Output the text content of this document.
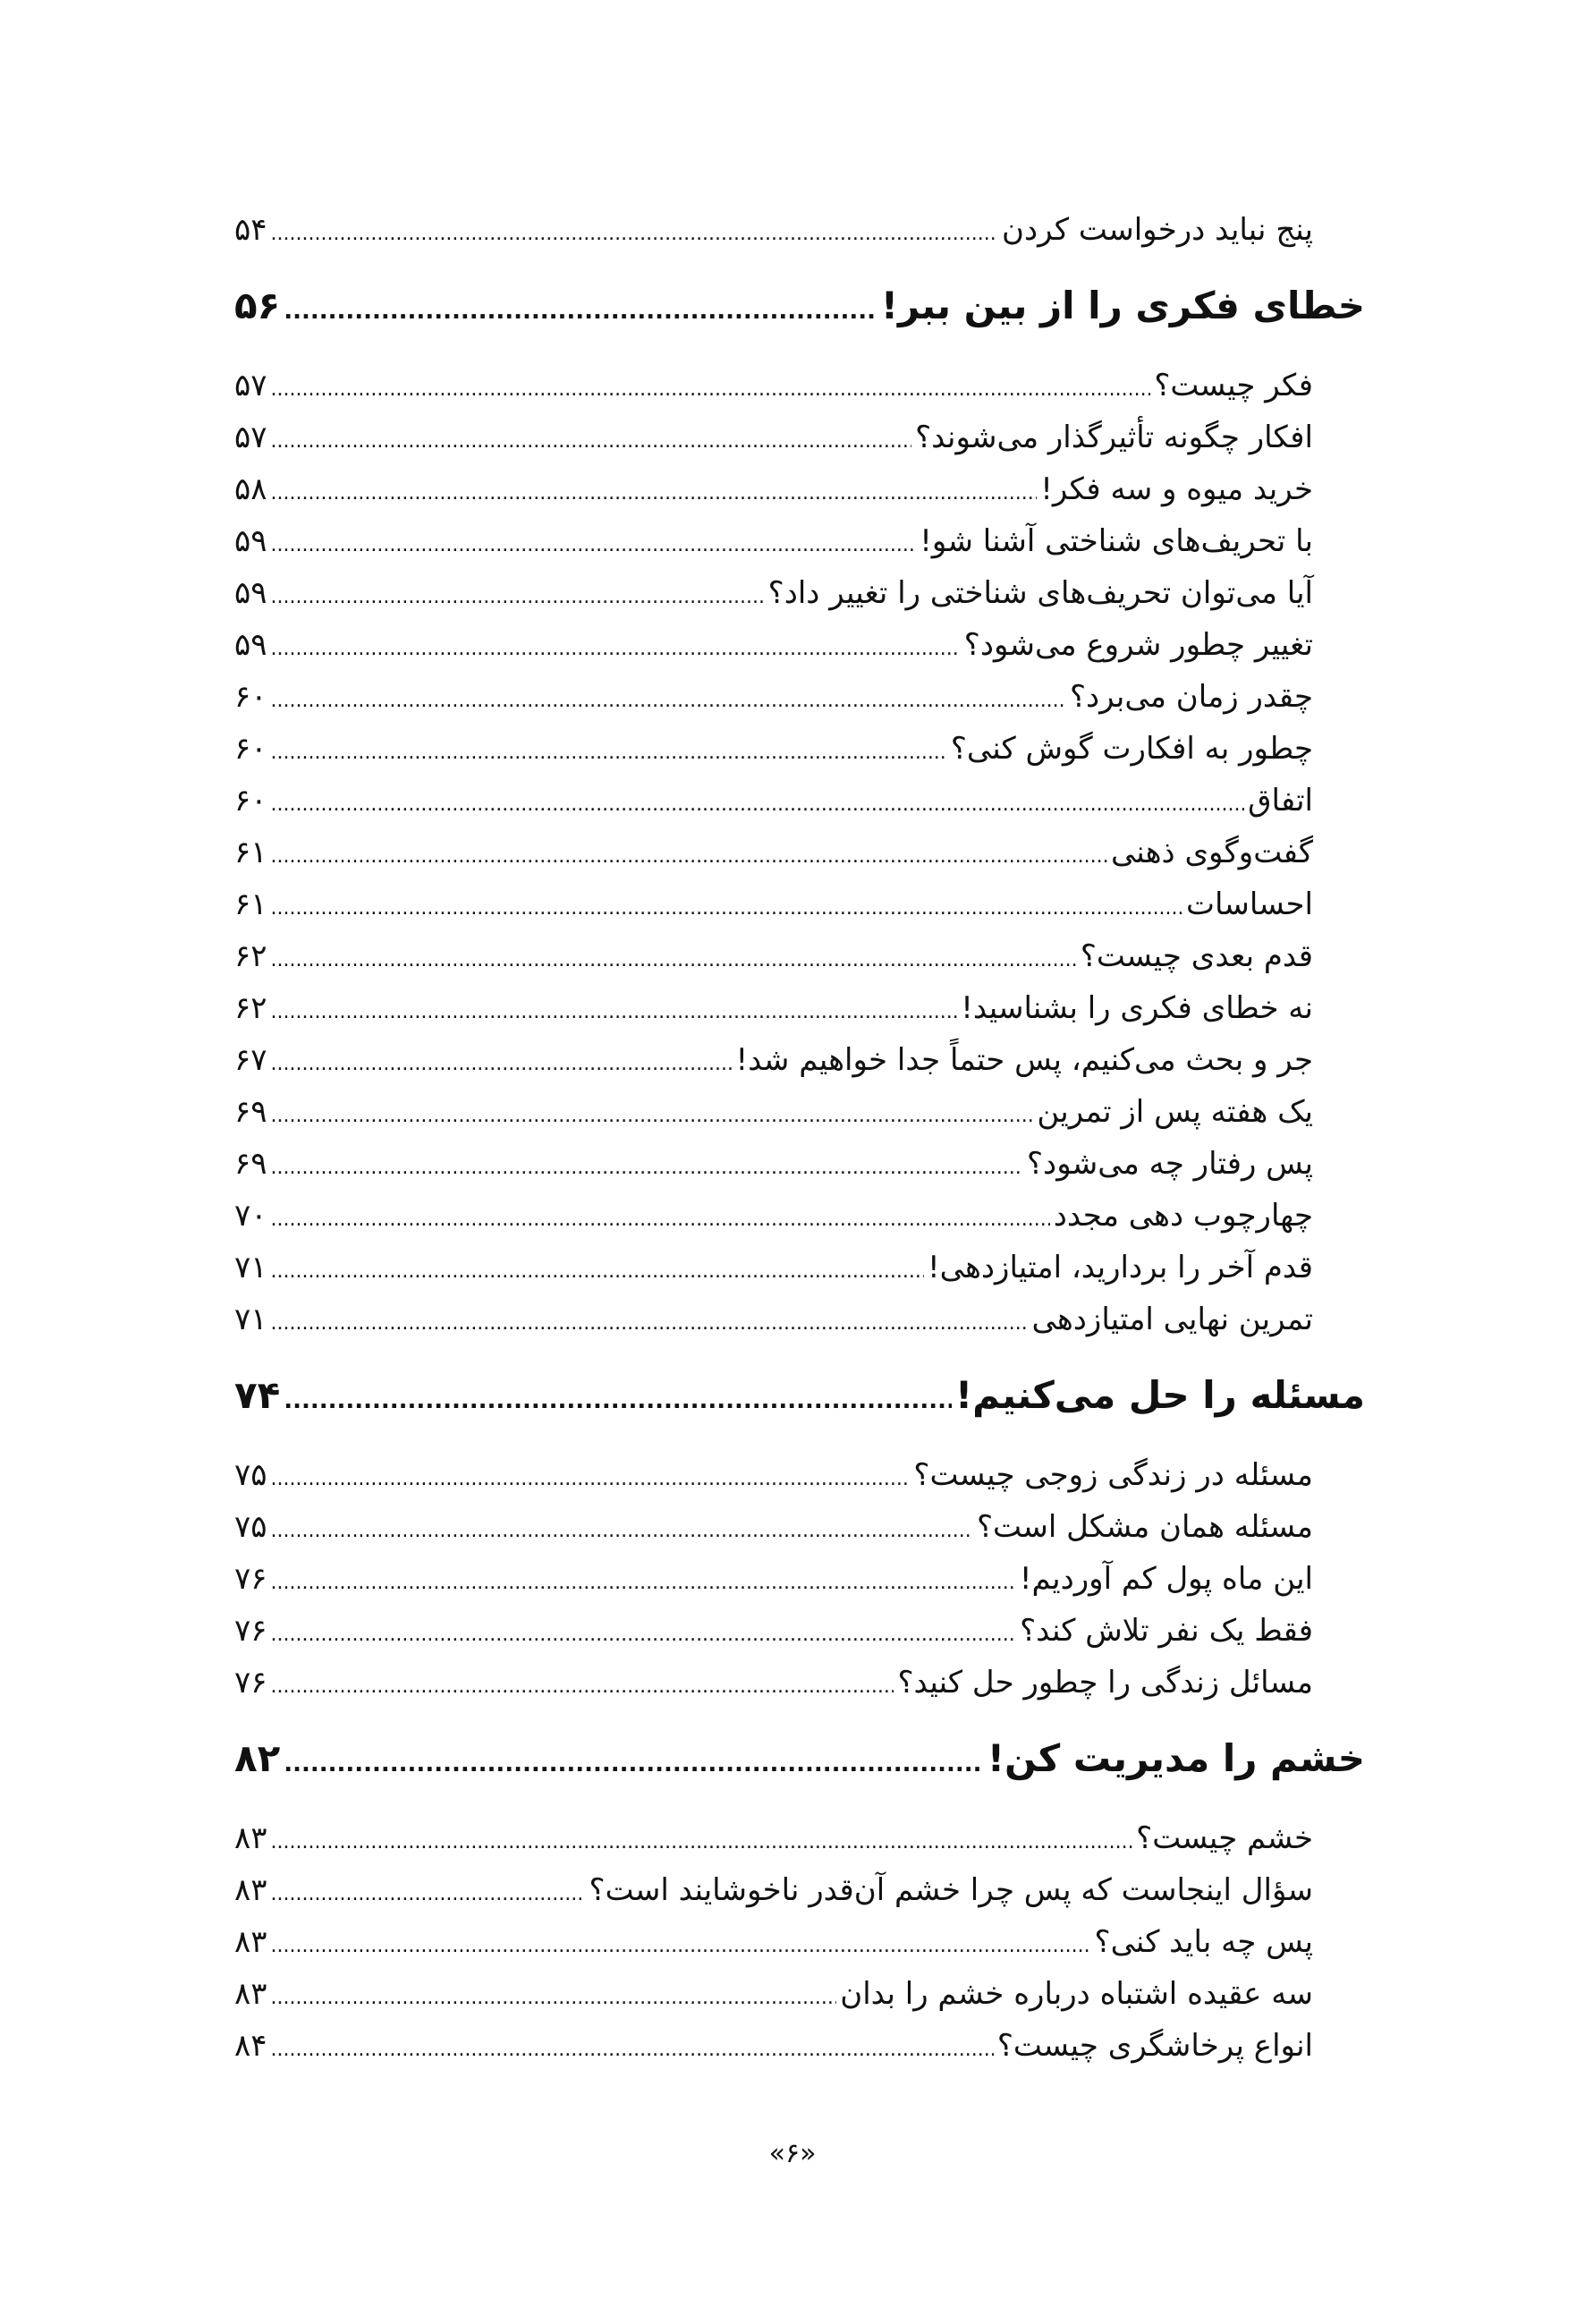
پنج نباید درخواست کردن
.....
۵۴
خطای فکری را از بین ببر!
.....
۵۶
فکر چیست؟
.....
۵۷
افکار چگونه تأثیرگذار می‌شوند؟
.....
۵۷
خرید میوه و سه فکر!
.....
۵۸
با تحریف‌های شناختی آشنا شو!
.....
۵۹
آیا می‌توان تحریف‌های شناختی را تغییر داد؟
.....
۵۹
تغییر چطور شروع می‌شود؟
.....
۵۹
چقدر زمان می‌برد؟
.....
۶۰
چطور به افکارت گوش کنی؟
.....
۶۰
اتفاق
.....
۶۰
گفت‌وگوی ذهنی
.....
۶۱
احساسات
.....
۶۱
قدم بعدی چیست؟
.....
۶۲
نه خطای فکری را بشناسید!
.....
۶۲
جر و بحث می‌کنیم، پس حتماً جدا خواهیم شد!
.....
۶۷
یک هفته پس از تمرین
.....
۶۹
پس رفتار چه می‌شود؟
.....
۶۹
چهارچوب دهی مجدد
.....
۷۰
قدم آخر را بردارید، امتیازدهی!
.....
۷۱
تمرین نهایی امتیازدهی
.....
۷۱
مسئله را حل می‌کنیم!
.....
۷۴
مسئله در زندگی زوجی چیست؟
.....
۷۵
مسئله همان مشکل است؟
.....
۷۵
این ماه پول کم آوردیم!
.....
۷۶
فقط یک نفر تلاش کند؟
.....
۷۶
مسائل زندگی را چطور حل کنید؟
.....
۷۶
خشم را مدیریت کن!
.....
۸۲
خشم چیست؟
.....
۸۳
سؤال اینجاست که پس چرا خشم آن‌قدر ناخوشایند است؟
.....
۸۳
پس چه باید کنی؟
.....
۸۳
سه عقیده اشتباه درباره خشم را بدان
.....
۸۳
انواع پرخاشگری چیست؟
.....
۸۴
«۶»
